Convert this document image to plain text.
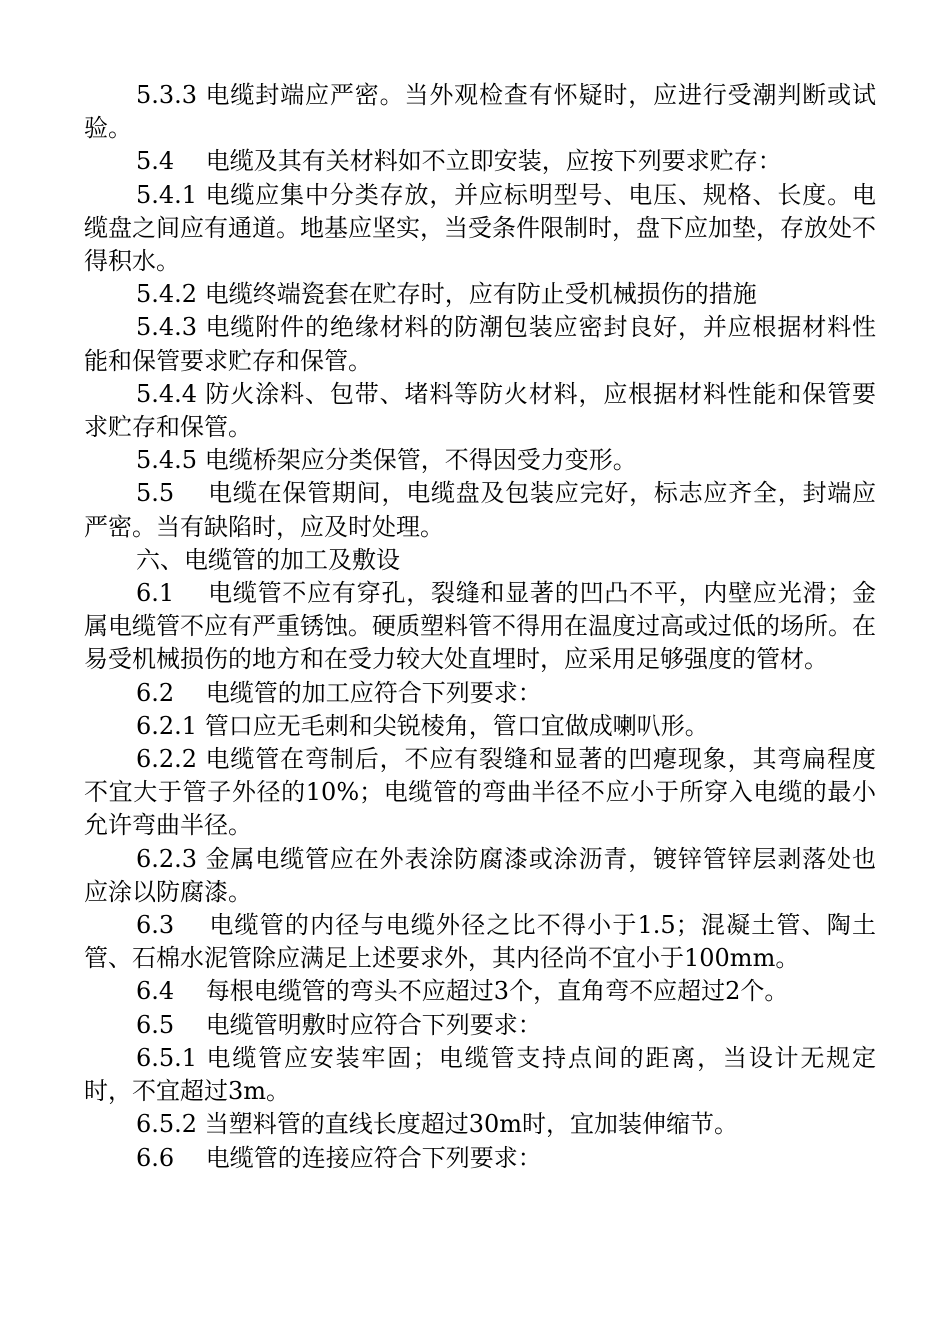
5.3.3 电缆封端应严密。当外观检查有怀疑时，应进行受潮判断或试验。

5.4　 电缆及其有关材料如不立即安装，应按下列要求贮存：

5.4.1 电缆应集中分类存放，并应标明型号、电压、规格、长度。电缆盘之间应有通道。地基应坚实，当受条件限制时，盘下应加垫，存放处不得积水。

5.4.2 电缆终端瓷套在贮存时，应有防止受机械损伤的措施

5.4.3 电缆附件的绝缘材料的防潮包装应密封良好，并应根据材料性能和保管要求贮存和保管。

5.4.4 防火涂料、包带、堵料等防火材料，应根据材料性能和保管要求贮存和保管。

5.4.5 电缆桥架应分类保管，不得因受力变形。

5.5　 电缆在保管期间，电缆盘及包装应完好，标志应齐全，封端应严密。当有缺陷时，应及时处理。

六、电缆管的加工及敷设

6.1　 电缆管不应有穿孔，裂缝和显著的凹凸不平，内壁应光滑；金属电缆管不应有严重锈蚀。硬质塑料管不得用在温度过高或过低的场所。在易受机械损伤的地方和在受力较大处直埋时，应采用足够强度的管材。

6.2　 电缆管的加工应符合下列要求：

6.2.1 管口应无毛刺和尖锐棱角，管口宜做成喇叭形。

6.2.2 电缆管在弯制后，不应有裂缝和显著的凹瘪现象，其弯扁程度不宜大于管子外径的10%；电缆管的弯曲半径不应小于所穿入电缆的最小允许弯曲半径。

6.2.3 金属电缆管应在外表涂防腐漆或涂沥青，镀锌管锌层剥落处也应涂以防腐漆。

6.3　 电缆管的内径与电缆外径之比不得小于1.5；混凝土管、陶土管、石棉水泥管除应满足上述要求外，其内径尚不宜小于100mm。

6.4　 每根电缆管的弯头不应超过3个，直角弯不应超过2个。

6.5　 电缆管明敷时应符合下列要求：

6.5.1 电缆管应安装牢固；电缆管支持点间的距离，当设计无规定时，不宜超过3m。

6.5.2 当塑料管的直线长度超过30m时，宜加装伸缩节。

6.6　 电缆管的连接应符合下列要求：
